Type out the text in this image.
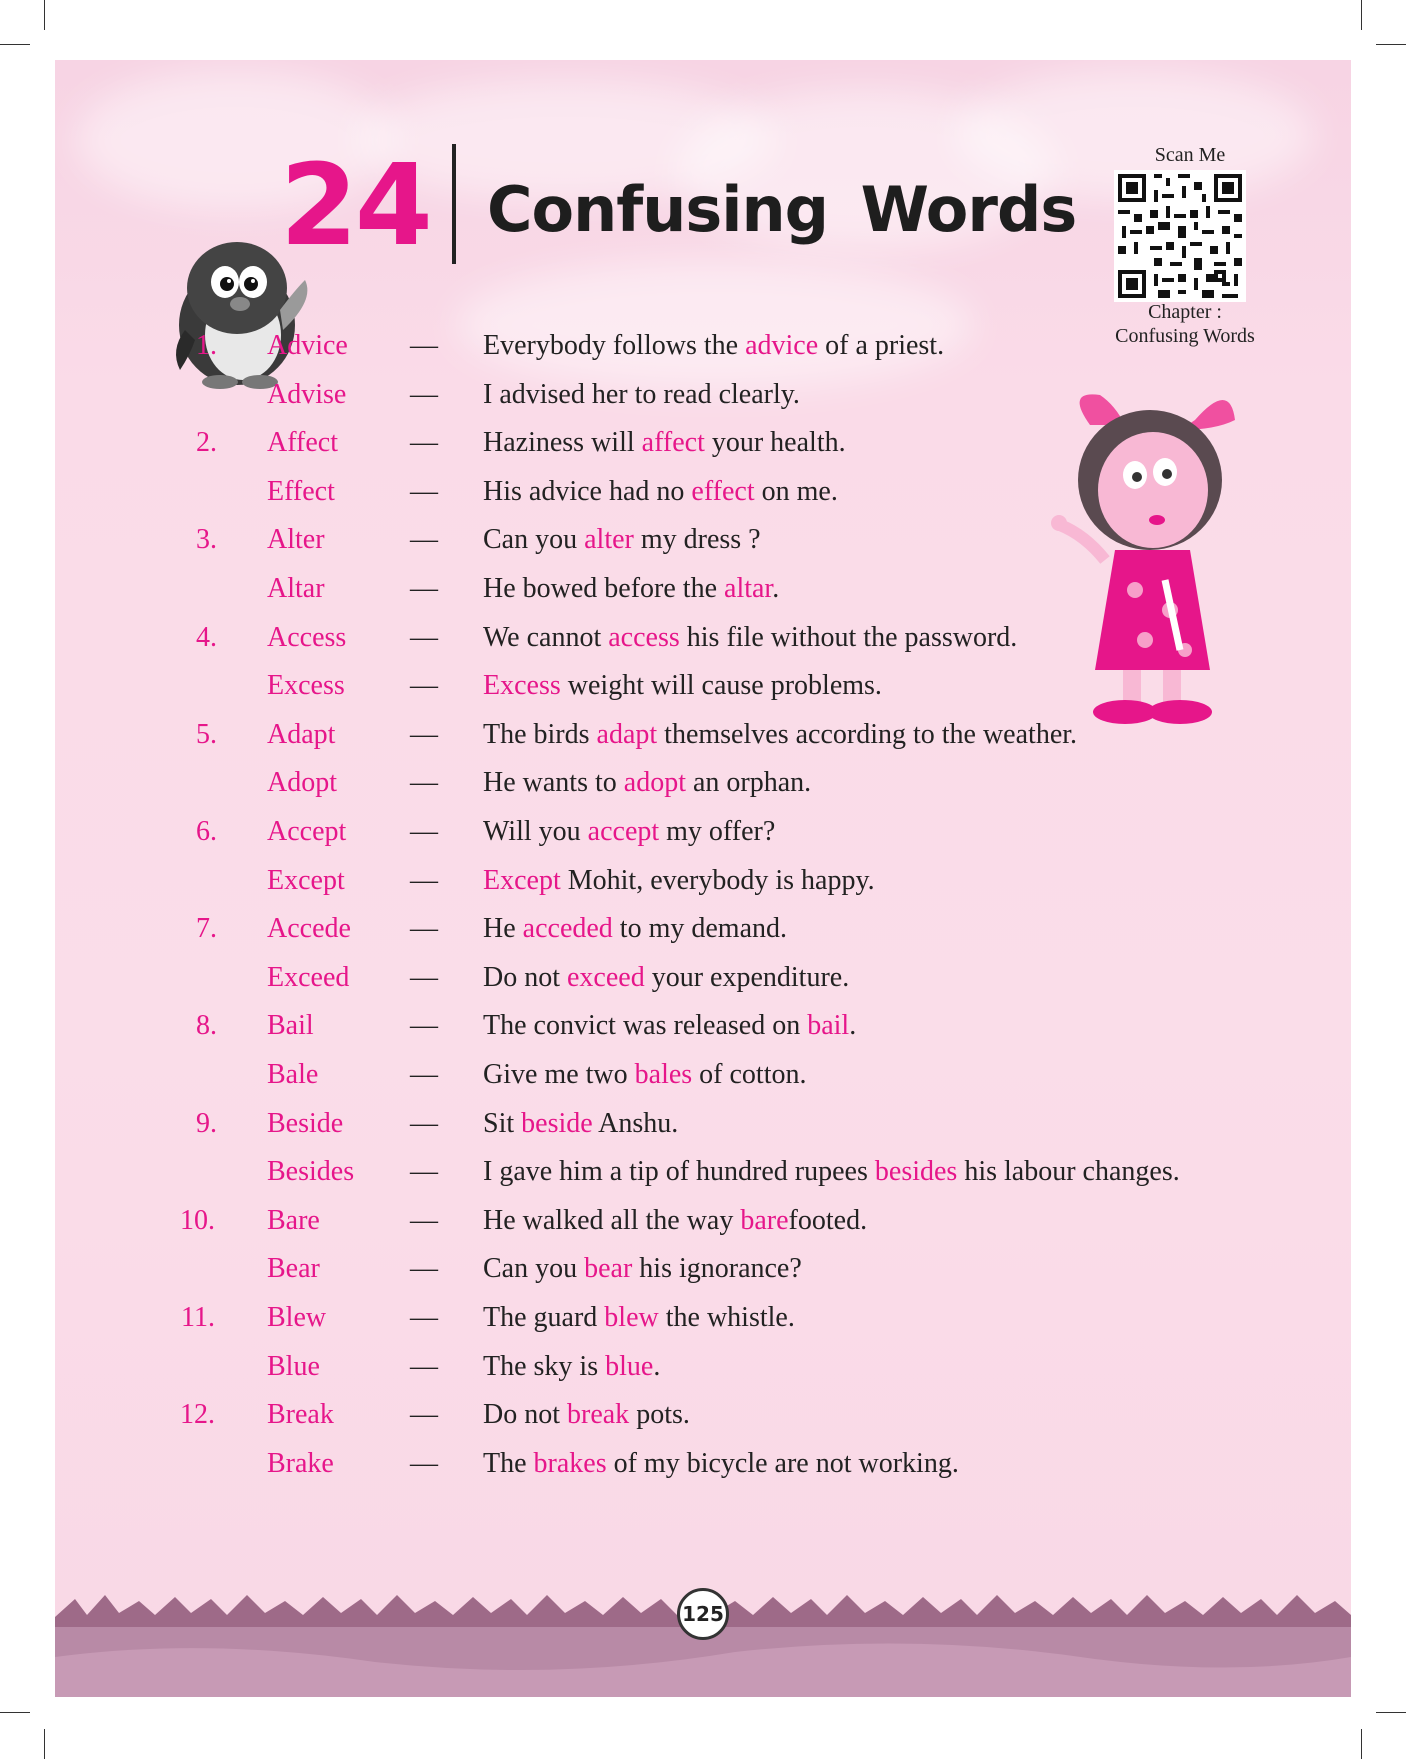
24 Confusing Words
Scan Me
Chapter :
Confusing Words
1. Advice — Everybody follows the advice of a priest.
Advise — I advised her to read clearly.
2. Affect	— Haziness will affect your health.
Effect	— His advice had no effect on me.
3. Alter	— Can you alter my dress ?
Altar	— He bowed before the altar.
4. Access — We cannot access his file without the password.
Excess — Excess weight will cause problems.
5. Adapt	— The birds adapt themselves according to the weather.
Adopt	— He wants to adopt an orphan.
6. Accept — Will you accept my offer?
Except — Except Mohit, everybody is happy.
7. Accede — He acceded to my demand.
Exceed — Do not exceed your expenditure.
8. Bail	— The convict was released on bail.
Bale	— Give me two bales of cotton.
9. Beside — Sit beside Anshu.
Besides — I gave him a tip of hundred rupees besides his labour changes.
10. Bare	— He walked all the way barefooted.
Bear	— Can you bear his ignorance?
11. Blew	— The guard blew the whistle.
Blue	— The sky is blue.
12. Break	— Do not break pots.
Brake	— The brakes of my bicycle are not working.
125
